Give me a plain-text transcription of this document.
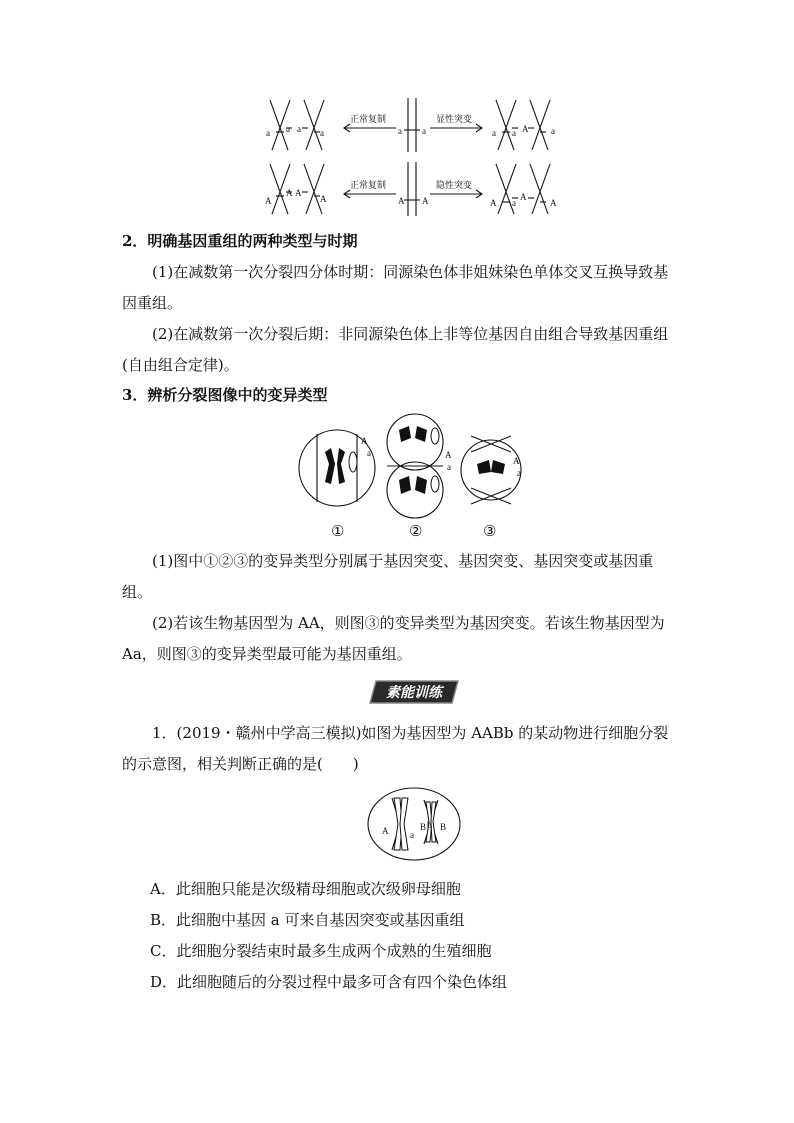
a a a a
正常复制
a a
显性突变
a a A	a
A
A A
A
正常复制
A A
隐性突变
A a
A
A
2．明确基因重组的两种类型与时期
(1)在减数第一次分裂四分体时期：同源染色体非姐妹染色单体交叉互换导致基因重组。
(2)在减数第一次分裂后期：非同源染色体上非等位基因自由组合导致基因重组(自由组合定律)。
3．辨析分裂图像中的变异类型
A
a	A
a
A
a
①	②	③
(1)图中①②③的变异类型分别属于基因突变、基因突变、基因突变或基因重组。
(2)若该生物基因型为 AA，则图③的变异类型为基因突变。若该生物基因型为 Aa，则图③的变异类型最可能为基因重组。
素能训练
1．(2019・赣州中学高三模拟)如图为基因型为 AABb 的某动物进行细胞分裂的示意图，相关判断正确的是(　　)
A a
B b B
A．此细胞只能是次级精母细胞或次级卵母细胞
B．此细胞中基因 a 可来自基因突变或基因重组
C．此细胞分裂结束时最多生成两个成熟的生殖细胞
D．此细胞随后的分裂过程中最多可含有四个染色体组
